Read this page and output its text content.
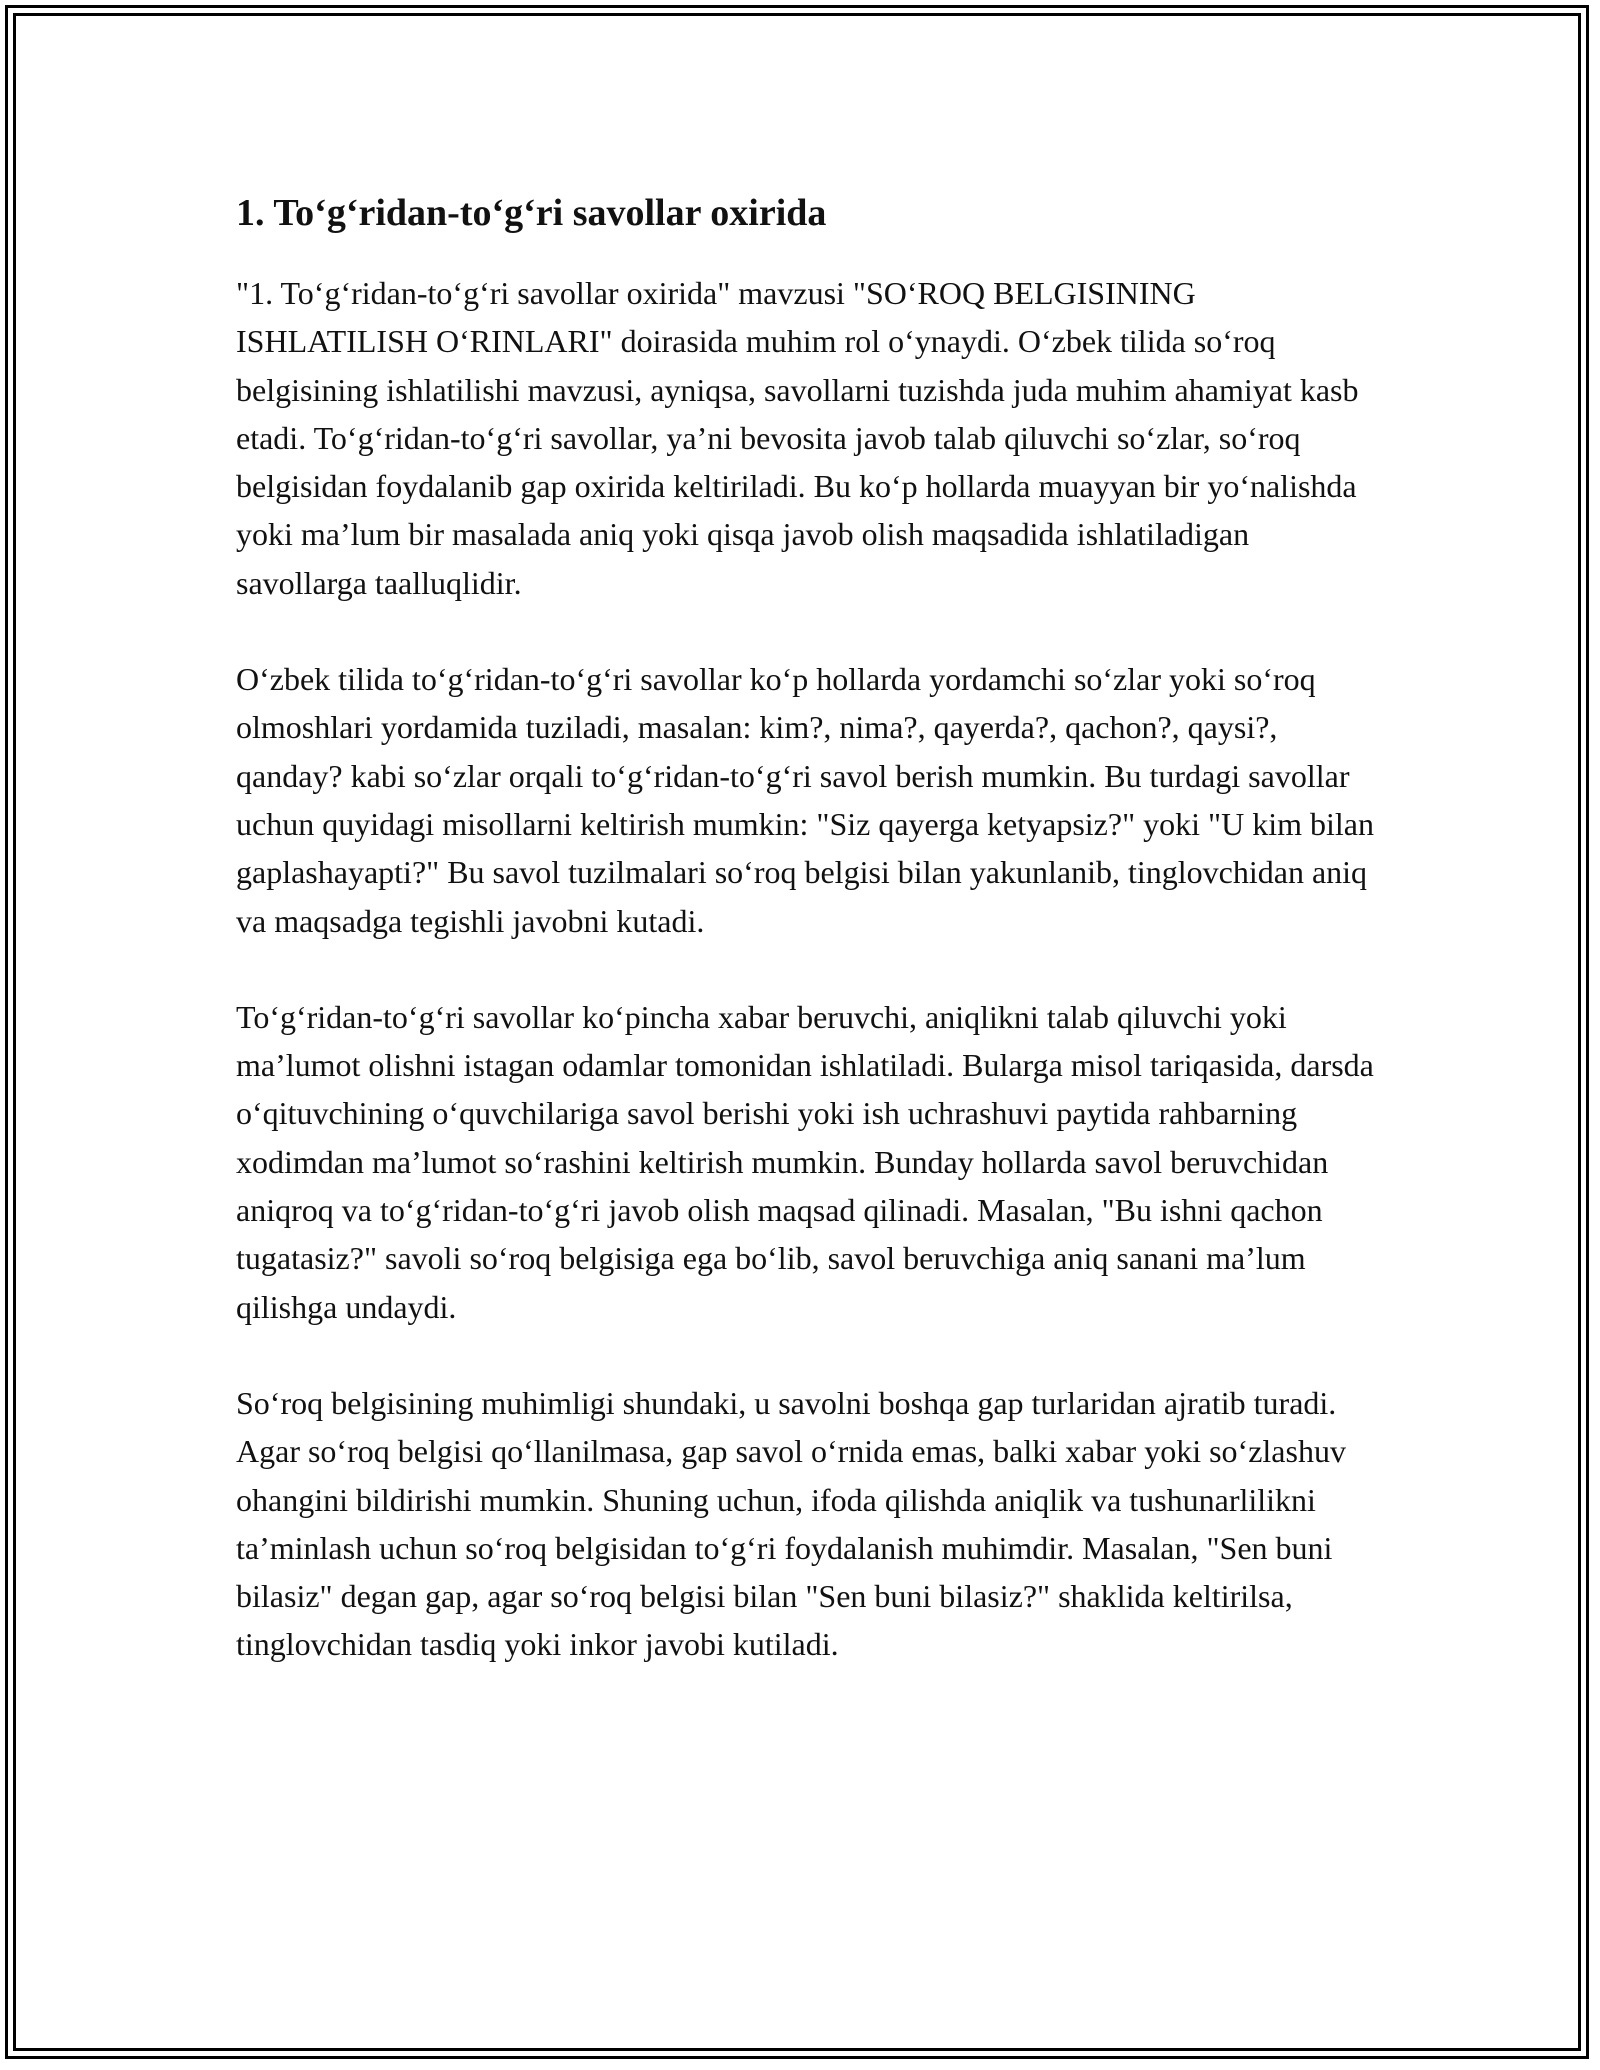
1. To‘g‘ridan-to‘g‘ri savollar oxirida

"1. To‘g‘ridan-to‘g‘ri savollar oxirida" mavzusi "SO‘ROQ BELGISINING ISHLATILISH O‘RINLARI" doirasida muhim rol o‘ynaydi. O‘zbek tilida so‘roq belgisining ishlatilishi mavzusi, ayniqsa, savollarni tuzishda juda muhim ahamiyat kasb etadi. To‘g‘ridan-to‘g‘ri savollar, ya’ni bevosita javob talab qiluvchi so‘zlar, so‘roq belgisidan foydalanib gap oxirida keltiriladi. Bu ko‘p hollarda muayyan bir yo‘nalishda yoki ma’lum bir masalada aniq yoki qisqa javob olish maqsadida ishlatiladigan savollarga taalluqlidir.

O‘zbek tilida to‘g‘ridan-to‘g‘ri savollar ko‘p hollarda yordamchi so‘zlar yoki so‘roq olmoshlari yordamida tuziladi, masalan: kim?, nima?, qayerda?, qachon?, qaysi?, qanday? kabi so‘zlar orqali to‘g‘ridan-to‘g‘ri savol berish mumkin. Bu turdagi savollar uchun quyidagi misollarni keltirish mumkin: "Siz qayerga ketyapsiz?" yoki "U kim bilan gaplashayapti?" Bu savol tuzilmalari so‘roq belgisi bilan yakunlanib, tinglovchidan aniq va maqsadga tegishli javobni kutadi.

To‘g‘ridan-to‘g‘ri savollar ko‘pincha xabar beruvchi, aniqlikni talab qiluvchi yoki ma’lumot olishni istagan odamlar tomonidan ishlatiladi. Bularga misol tariqasida, darsda o‘qituvchining o‘quvchilariga savol berishi yoki ish uchrashuvi paytida rahbarning xodimdan ma’lumot so‘rashini keltirish mumkin. Bunday hollarda savol beruvchidan aniqroq va to‘g‘ridan-to‘g‘ri javob olish maqsad qilinadi. Masalan, "Bu ishni qachon tugatasiz?" savoli so‘roq belgisiga ega bo‘lib, savol beruvchiga aniq sanani ma’lum qilishga undaydi.

So‘roq belgisining muhimligi shundaki, u savolni boshqa gap turlaridan ajratib turadi. Agar so‘roq belgisi qo‘llanilmasa, gap savol o‘rnida emas, balki xabar yoki so‘zlashuv ohangini bildirishi mumkin. Shuning uchun, ifoda qilishda aniqlik va tushunarlilikni ta’minlash uchun so‘roq belgisidan to‘g‘ri foydalanish muhimdir. Masalan, "Sen buni bilasiz" degan gap, agar so‘roq belgisi bilan "Sen buni bilasiz?" shaklida keltirilsa, tinglovchidan tasdiq yoki inkor javobi kutiladi.
